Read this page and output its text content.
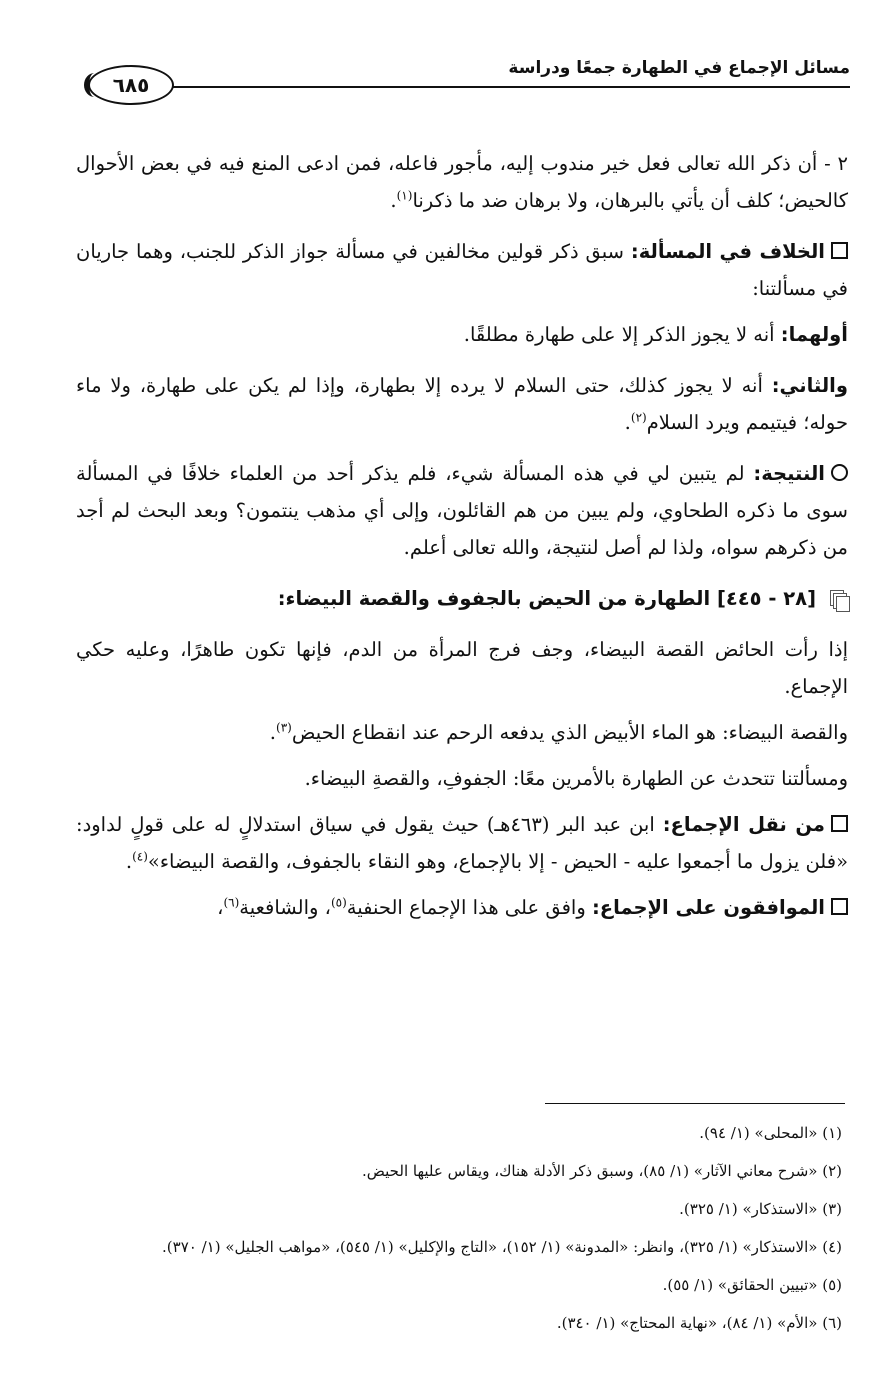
مسائل الإجماع في الطهارة جمعًا ودراسة
٦٨٥

٢ - أن ذكر الله تعالى فعل خير مندوب إليه، مأجور فاعله، فمن ادعى المنع فيه في بعض الأحوال كالحيض؛ كلف أن يأتي بالبرهان، ولا برهان ضد ما ذكرنا$^{(١)}$.

الخلاف في المسألة: سبق ذكر قولين مخالفين في مسألة جواز الذكر للجنب، وهما جاريان في مسألتنا:

أولهما: أنه لا يجوز الذكر إلا على طهارة مطلقًا.

والثاني: أنه لا يجوز كذلك، حتى السلام لا يرده إلا بطهارة، وإذا لم يكن على طهارة، ولا ماء حوله؛ فيتيمم ويرد السلام$^{(٢)}$.

النتيجة: لم يتبين لي في هذه المسألة شيء، فلم يذكر أحد من العلماء خلافًا في المسألة سوى ما ذكره الطحاوي، ولم يبين من هم القائلون، وإلى أي مذهب ينتمون؟ وبعد البحث لم أجد من ذكرهم سواه، ولذا لم أصل لنتيجة، والله تعالى أعلم.

[٢٨ - ٤٤٥] الطهارة من الحيض بالجفوف والقصة البيضاء:

إذا رأت الحائض القصة البيضاء، وجف فرج المرأة من الدم، فإنها تكون طاهرًا، وعليه حكي الإجماع.

والقصة البيضاء: هو الماء الأبيض الذي يدفعه الرحم عند انقطاع الحيض$^{(٣)}$.

ومسألتنا تتحدث عن الطهارة بالأمرين معًا: الجفوفِ، والقصةِ البيضاء.

من نقل الإجماع: ابن عبد البر (٤٦٣هـ) حيث يقول في سياق استدلالٍ له على قولٍ لداود: «فلن يزول ما أجمعوا عليه - الحيض - إلا بالإجماع، وهو النقاء بالجفوف، والقصة البيضاء»$^{(٤)}$.

الموافقون على الإجماع: وافق على هذا الإجماع الحنفية$^{(٥)}$، والشافعية$^{(٦)}$،

(١) «المحلى» (١/ ٩٤).

(٢) «شرح معاني الآثار» (١/ ٨٥)، وسبق ذكر الأدلة هناك، ويقاس عليها الحيض.

(٣) «الاستذكار» (١/ ٣٢٥).

(٤) «الاستذكار» (١/ ٣٢٥)، وانظر: «المدونة» (١/ ١٥٢)، «التاج والإكليل» (١/ ٥٤٥)، «مواهب الجليل» (١/ ٣٧٠).

(٥) «تبيين الحقائق» (١/ ٥٥).

(٦) «الأم» (١/ ٨٤)، «نهاية المحتاج» (١/ ٣٤٠).
